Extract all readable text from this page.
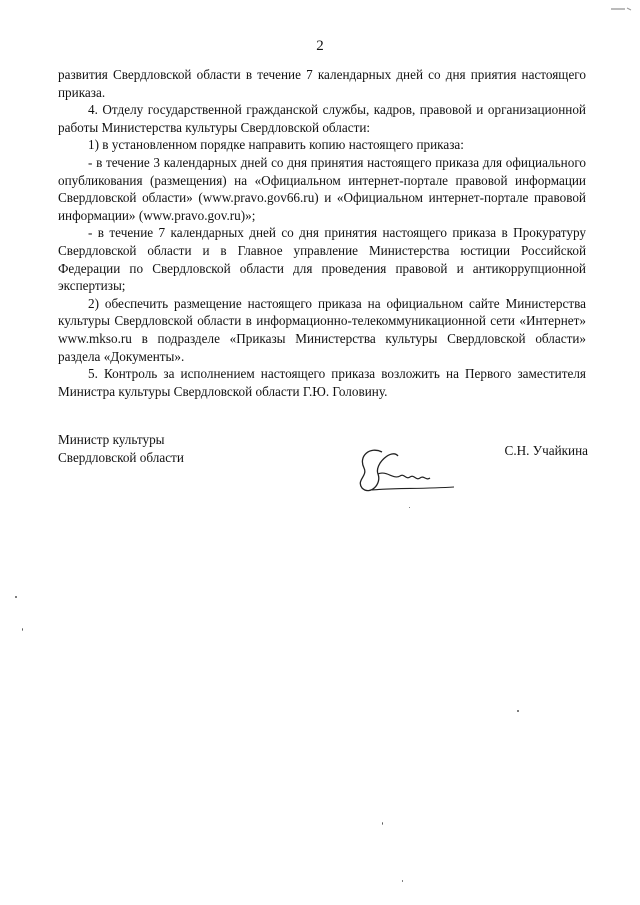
2

развития Свердловской области в течение 7 календарных дней со дня приятия настоящего приказа.

4. Отделу государственной гражданской службы, кадров, правовой и организационной работы Министерства культуры Свердловской области:

1) в установленном порядке направить копию настоящего приказа:

- в течение 3 календарных дней со дня принятия настоящего приказа для официального опубликования (размещения) на «Официальном интернет-портале правовой информации Свердловской области» (www.pravo.gov66.ru) и «Официальном интернет-портале правовой информации» (www.pravo.gov.ru)»;

- в течение 7 календарных дней со дня принятия настоящего приказа в Прокуратуру Свердловской области и в Главное управление Министерства юстиции Российской Федерации по Свердловской области для проведения правовой и антикоррупционной экспертизы;

2) обеспечить размещение настоящего приказа на официальном сайте Министерства культуры Свердловской области в информационно-телекоммуникационной сети «Интернет» www.mkso.ru в подразделе «Приказы Министерства культуры Свердловской области» раздела «Документы».

5. Контроль за исполнением настоящего приказа возложить на Первого заместителя Министра культуры Свердловской области Г.Ю. Головину.

Министр культуры
Свердловской области	С.Н. Учайкина
